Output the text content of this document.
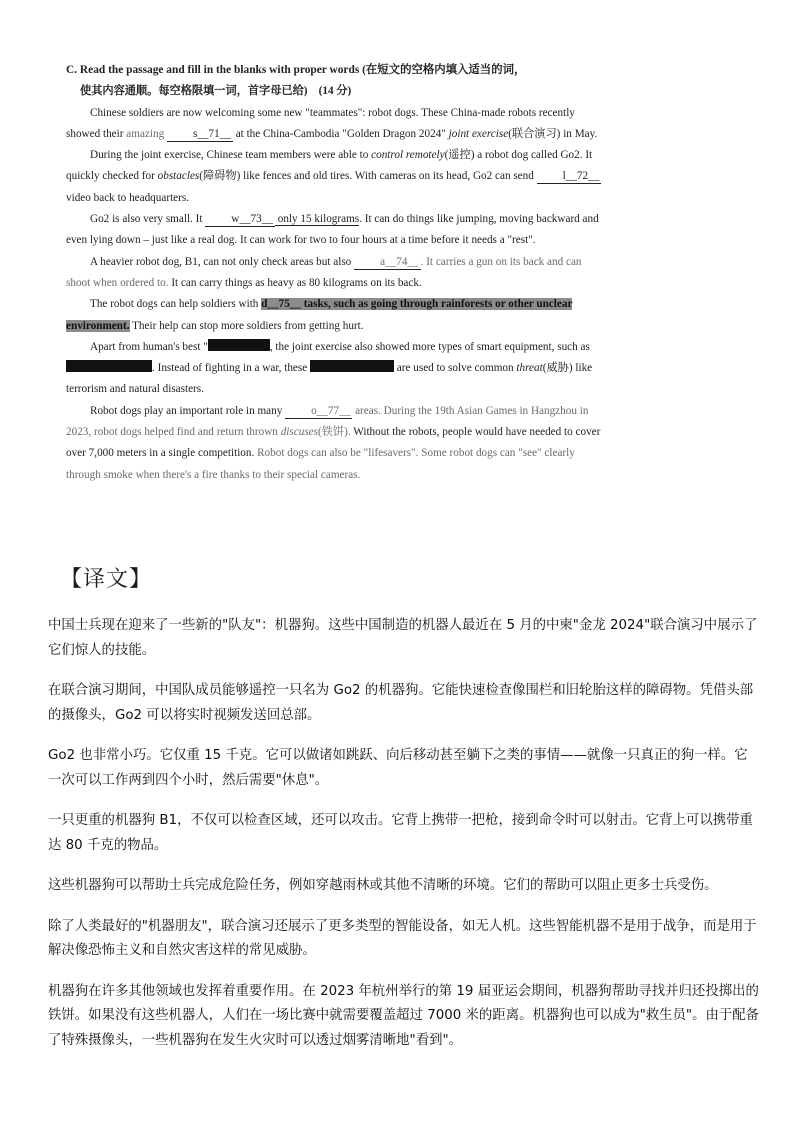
C. Read the passage and fill in the blanks with proper words (在短文的空格内填入适当的词，

使其内容通顺。每空格限填一词，首字母已给)　(14 分)

Chinese soldiers are now welcoming some new "teammates": robot dogs. These China-made robots recently showed their amazing s__71__ at the China-Cambodia "Golden Dragon 2024" joint exercise(联合演习) in May.

During the joint exercise, Chinese team members were able to control remotely(遥控) a robot dog called Go2. It quickly checked for obstacles(障碍物) like fences and old tires. With cameras on its head, Go2 can send l__72__ video back to headquarters.

Go2 is also very small. It w__73__ only 15 kilograms. It can do things like jumping, moving backward and even lying down – just like a real dog. It can work for two to four hours at a time before it needs a "rest".

A heavier robot dog, B1, can not only check areas but also a__74__ . It carries a gun on its back and can shoot when ordered to. It can carry things as heavy as 80 kilograms on its back.

The robot dogs can help soldiers with d__75__ tasks, such as going through rainforests or other unclear environment. Their help can stop more soldiers from getting hurt.

Apart from human's best "	, the joint exercise also showed more types of smart equipment, such as . Instead of fighting in a war, these	are used to solve common threat(威胁) like terrorism and natural disasters.

Robot dogs play an important role in many o__77__ areas. During the 19th Asian Games in Hangzhou in 2023, robot dogs helped find and return thrown discuses(铁饼). Without the robots, people would have needed to cover over 7,000 meters in a single competition. Robot dogs can also be "lifesavers". Some robot dogs can "see" clearly through smoke when there's a fire thanks to their special cameras.

【译文】

中国士兵现在迎来了一些新的"队友"：机器狗。这些中国制造的机器人最近在 5 月的中柬"金龙 2024"联合演习中展示了它们惊人的技能。

在联合演习期间，中国队成员能够遥控一只名为 Go2 的机器狗。它能快速检查像围栏和旧轮胎这样的障碍物。凭借头部的摄像头，Go2 可以将实时视频发送回总部。

Go2 也非常小巧。它仅重 15 千克。它可以做诸如跳跃、向后移动甚至躺下之类的事情——就像一只真正的狗一样。它一次可以工作两到四个小时，然后需要"休息"。

一只更重的机器狗 B1，不仅可以检查区域，还可以攻击。它背上携带一把枪，接到命令时可以射击。它背上可以携带重达 80 千克的物品。

这些机器狗可以帮助士兵完成危险任务，例如穿越雨林或其他不清晰的环境。它们的帮助可以阻止更多士兵受伤。

除了人类最好的"机器朋友"，联合演习还展示了更多类型的智能设备，如无人机。这些智能机器不是用于战争，而是用于解决像恐怖主义和自然灾害这样的常见威胁。

机器狗在许多其他领域也发挥着重要作用。在 2023 年杭州举行的第 19 届亚运会期间，机器狗帮助寻找并归还投掷出的铁饼。如果没有这些机器人，人们在一场比赛中就需要覆盖超过 7000 米的距离。机器狗也可以成为"救生员"。由于配备了特殊摄像头，一些机器狗在发生火灾时可以透过烟雾清晰地"看到"。
